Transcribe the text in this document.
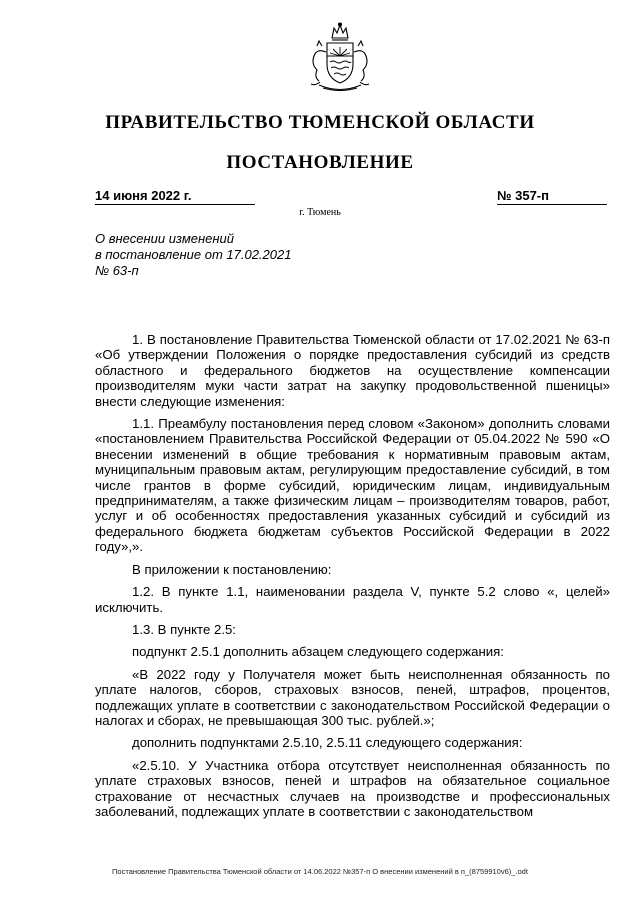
ПРАВИТЕЛЬСТВО ТЮМЕНСКОЙ ОБЛАСТИ
ПОСТАНОВЛЕНИЕ
14 июня 2022 г.	№ 357-п
г. Тюмень
О внесении изменений
в постановление от 17.02.2021
№ 63-п

1. В постановление Правительства Тюменской области от 17.02.2021 № 63-п «Об утверждении Положения о порядке предоставления субсидий из средств областного и федерального бюджетов на осуществление компенсации производителям муки части затрат на закупку продовольственной пшеницы» внести следующие изменения:

1.1. Преамбулу постановления перед словом «Законом» дополнить словами «постановлением Правительства Российской Федерации от 05.04.2022 № 590 «О внесении изменений в общие требования к нормативным правовым актам, муниципальным правовым актам, регулирующим предоставление субсидий, в том числе грантов в форме субсидий, юридическим лицам, индивидуальным предпринимателям, а также физическим лицам – производителям товаров, работ, услуг и об особенностях предоставления указанных субсидий и субсидий из федерального бюджета бюджетам субъектов Российской Федерации в 2022 году»,».

В приложении к постановлению:

1.2. В пункте 1.1, наименовании раздела V, пункте 5.2 слово «, целей» исключить.

1.3. В пункте 2.5:

подпункт 2.5.1 дополнить абзацем следующего содержания:

«В 2022 году у Получателя может быть неисполненная обязанность по уплате налогов, сборов, страховых взносов, пеней, штрафов, процентов, подлежащих уплате в соответствии с законодательством Российской Федерации о налогах и сборах, не превышающая 300 тыс. рублей.»;

дополнить подпунктами 2.5.10, 2.5.11 следующего содержания:

«2.5.10. У Участника отбора отсутствует неисполненная обязанность по уплате страховых взносов, пеней и штрафов на обязательное социальное страхование от несчастных случаев на производстве и профессиональных заболеваний, подлежащих уплате в соответствии с законодательством

Постановление Правительства Тюменской области от 14.06.2022 №357-п О внесении изменений в п_(8759910v6)_.odt
